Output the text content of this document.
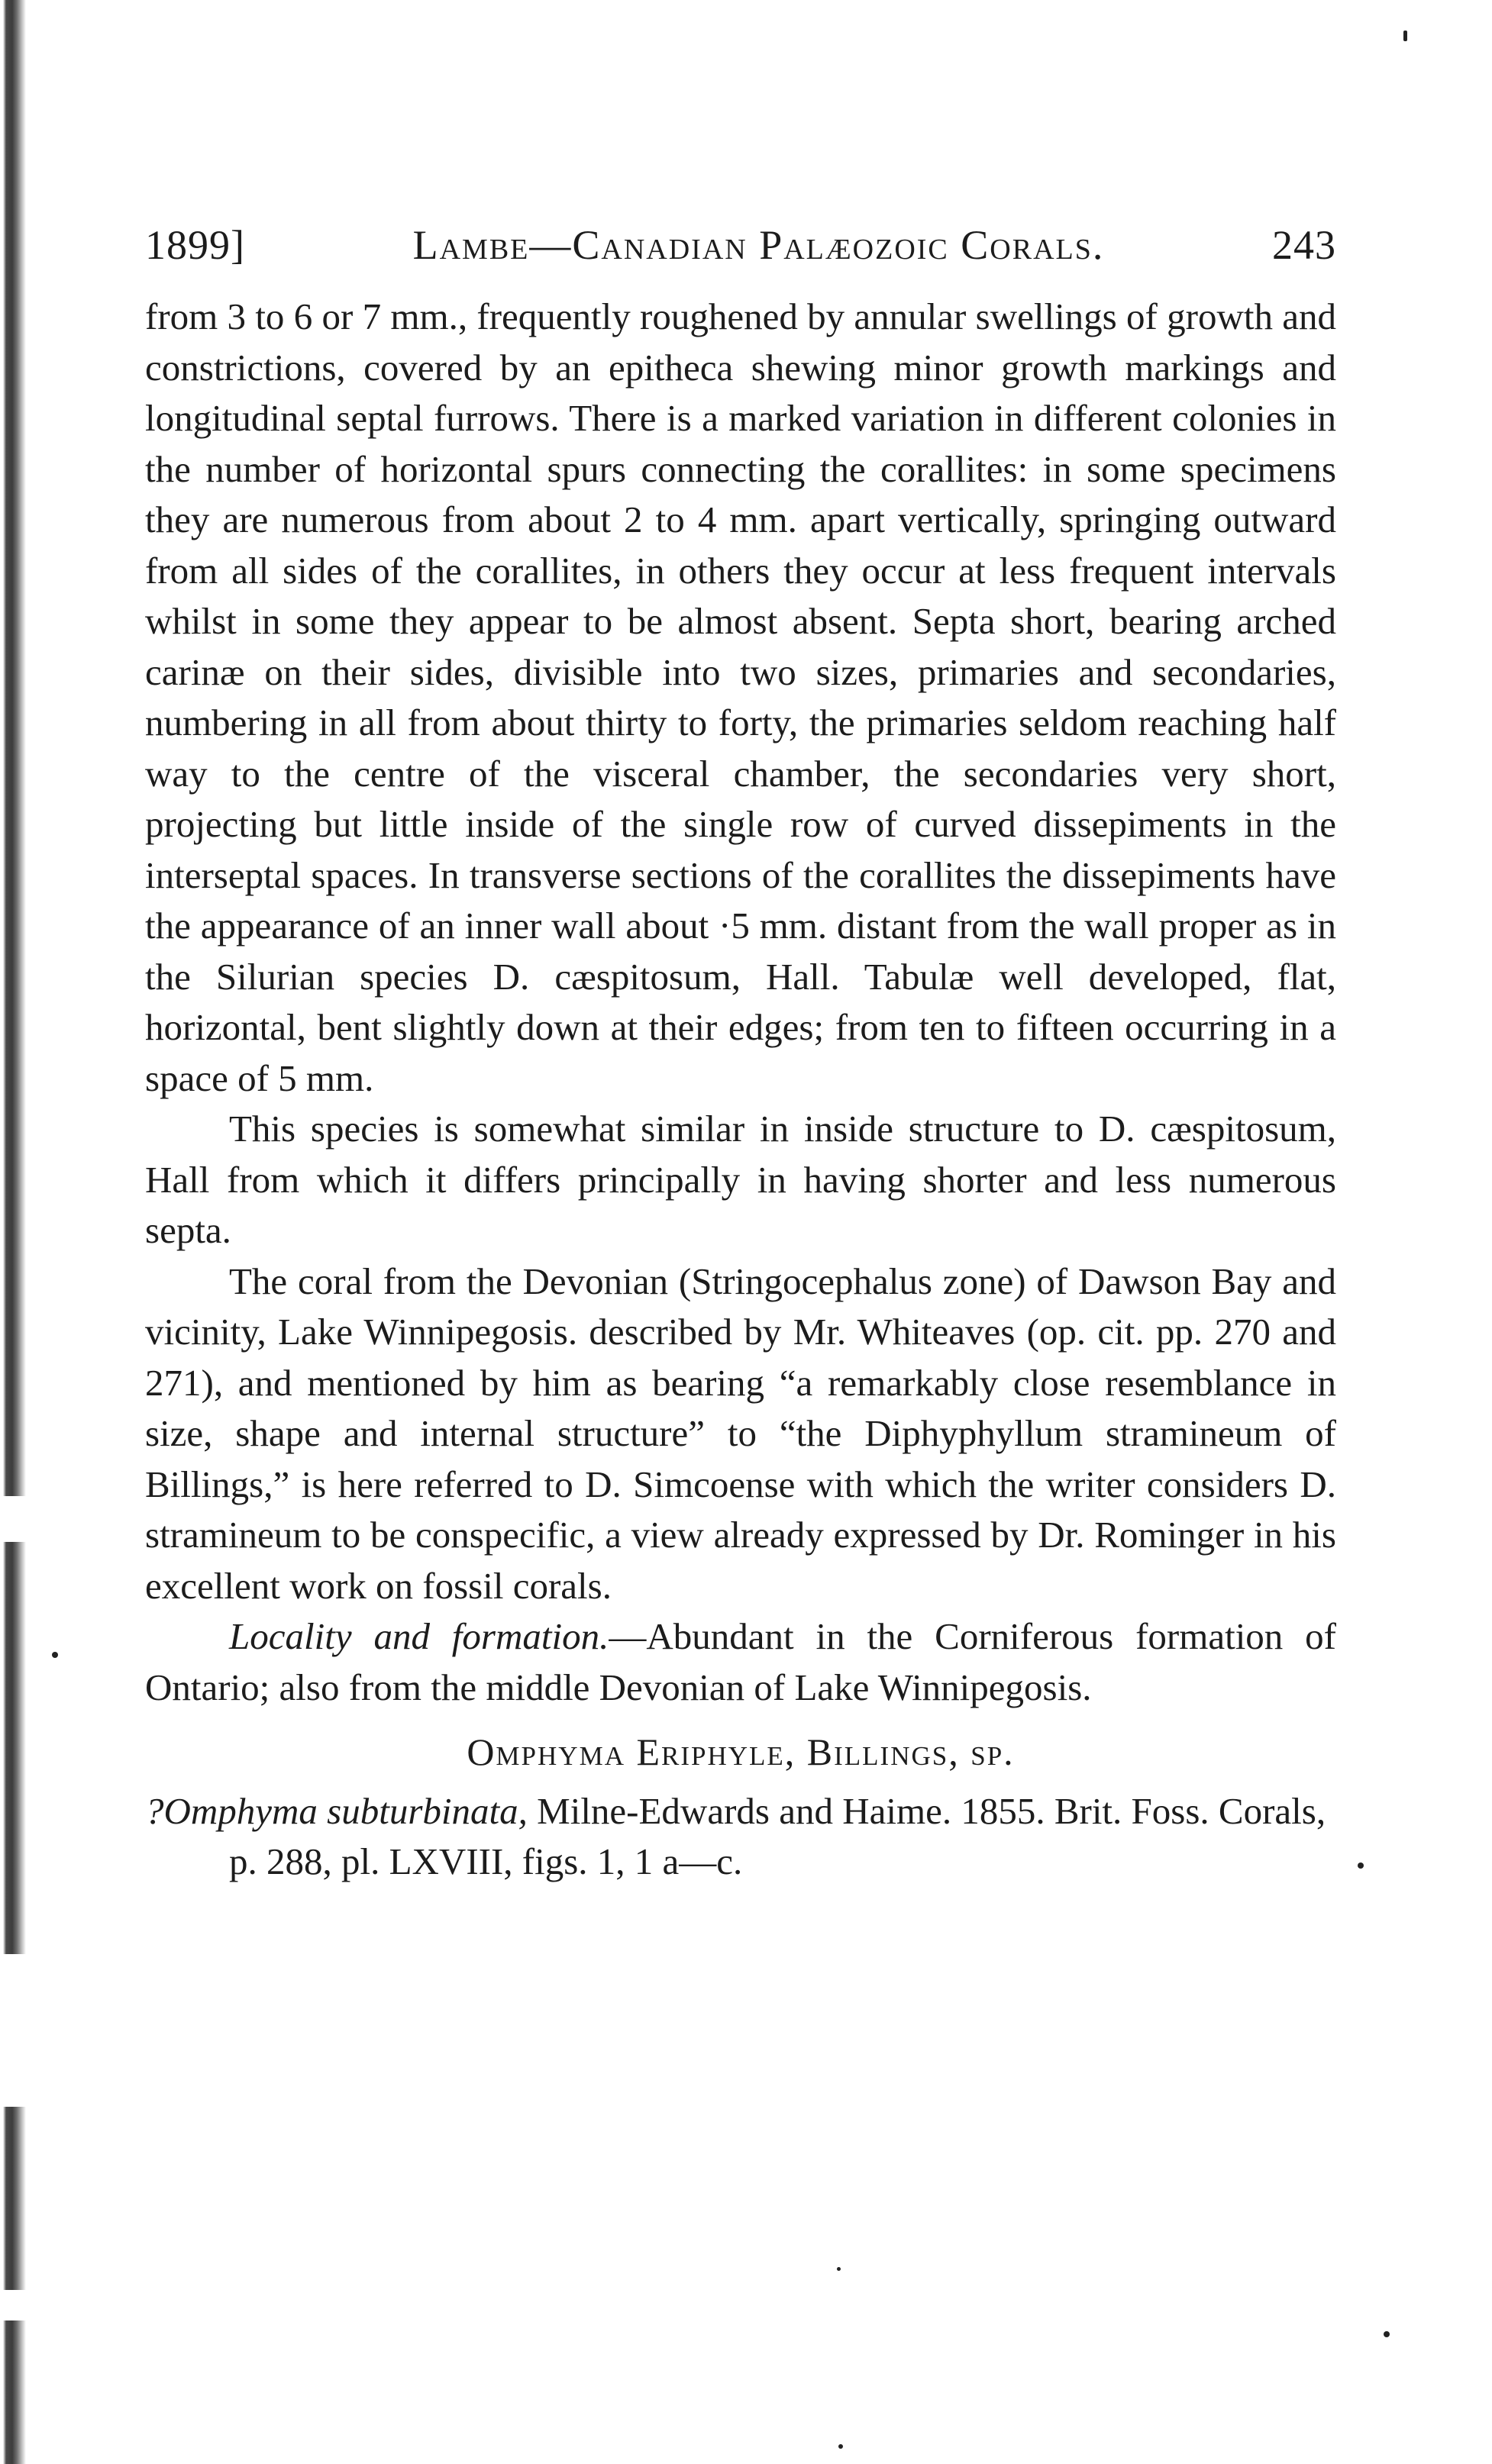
1899]	Lambe—Canadian Palæozoic Corals.	243

from 3 to 6 or 7 mm., frequently roughened by annular swellings of growth and constrictions, covered by an epitheca shewing minor growth markings and longitudinal septal furrows. There is a marked variation in different colonies in the number of horizontal spurs connecting the corallites: in some specimens they are numerous from about 2 to 4 mm. apart vertically, springing outward from all sides of the corallites, in others they occur at less frequent intervals whilst in some they appear to be almost absent. Septa short, bearing arched carinæ on their sides, divisible into two sizes, primaries and secondaries, numbering in all from about thirty to forty, the primaries seldom reaching half way to the centre of the visceral chamber, the secondaries very short, projecting but little inside of the single row of curved dissepiments in the interseptal spaces. In transverse sections of the corallites the dissepiments have the appearance of an inner wall about ·5 mm. distant from the wall proper as in the Silurian species D. cæspitosum, Hall. Tabulæ well developed, flat, horizontal, bent slightly down at their edges; from ten to fifteen occurring in a space of 5 mm.

This species is somewhat similar in inside structure to D. cæspitosum, Hall from which it differs principally in having shorter and less numerous septa.

The coral from the Devonian (Stringocephalus zone) of Dawson Bay and vicinity, Lake Winnipegosis. described by Mr. Whiteaves (op. cit. pp. 270 and 271), and mentioned by him as bearing “a remarkably close resemblance in size, shape and internal structure” to “the Diphyphyllum stramineum of Billings,” is here referred to D. Simcoense with which the writer considers D. stramineum to be conspecific, a view already expressed by Dr. Rominger in his excellent work on fossil corals.

Locality and formation.—Abundant in the Corniferous formation of Ontario; also from the middle Devonian of Lake Winnipegosis.

Omphyma Eriphyle, Billings, sp.
?Omphyma subturbinata, Milne-Edwards and Haime. 1855. Brit. Foss. Corals, p. 288, pl. LXVIII, figs. 1, 1 a—c.
